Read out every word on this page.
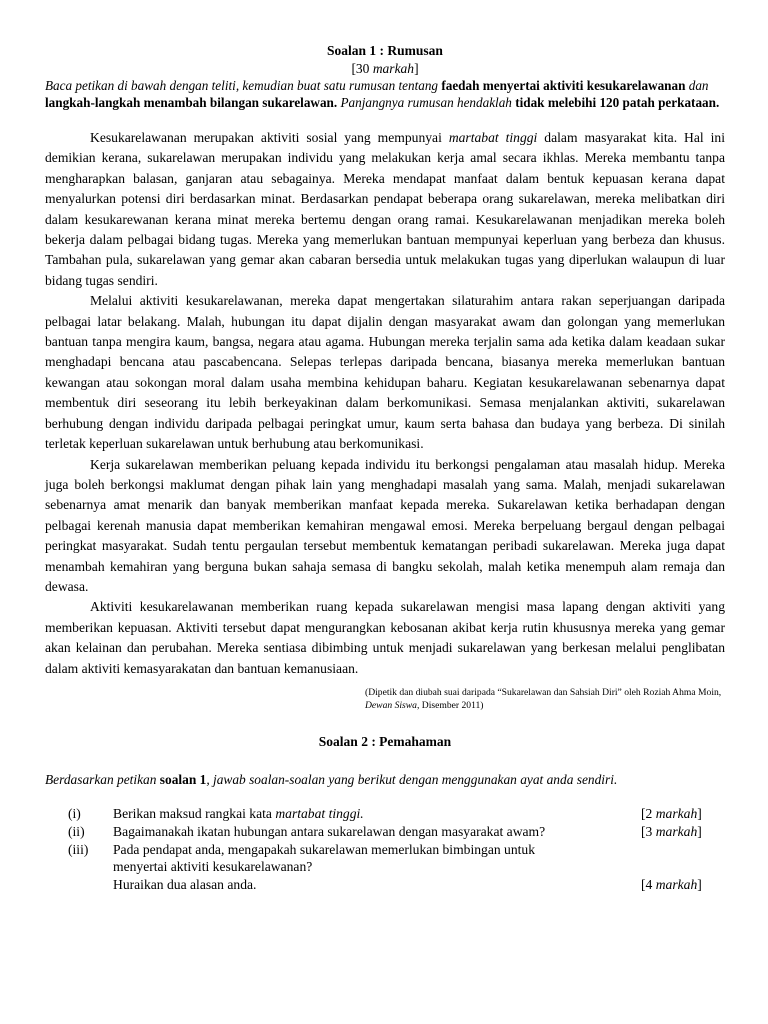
Soalan 1 : Rumusan
[30 markah]
Baca petikan di bawah dengan teliti, kemudian buat satu rumusan tentang faedah menyertai aktiviti kesukarelawanan dan langkah-langkah menambah bilangan sukarelawan. Panjangnya rumusan hendaklah tidak melebihi 120 patah perkataan.

Kesukarelawanan merupakan aktiviti sosial yang mempunyai martabat tinggi dalam masyarakat kita. Hal ini demikian kerana, sukarelawan merupakan individu yang melakukan kerja amal secara ikhlas. Mereka membantu tanpa mengharapkan balasan, ganjaran atau sebagainya. Mereka mendapat manfaat dalam bentuk kepuasan kerana dapat menyalurkan potensi diri berdasarkan minat. Berdasarkan pendapat beberapa orang sukarelawan, mereka melibatkan diri dalam kesukarewanan kerana minat mereka bertemu dengan orang ramai. Kesukarelawanan menjadikan mereka boleh bekerja dalam pelbagai bidang tugas. Mereka yang memerlukan bantuan mempunyai keperluan yang berbeza dan khusus. Tambahan pula, sukarelawan yang gemar akan cabaran bersedia untuk melakukan tugas yang diperlukan walaupun di luar bidang tugas sendiri.

Melalui aktiviti kesukarelawanan, mereka dapat mengertakan silaturahim antara rakan seperjuangan daripada pelbagai latar belakang. Malah, hubungan itu dapat dijalin dengan masyarakat awam dan golongan yang memerlukan bantuan tanpa mengira kaum, bangsa, negara atau agama. Hubungan mereka terjalin sama ada ketika dalam keadaan sukar menghadapi bencana atau pascabencana. Selepas terlepas daripada bencana, biasanya mereka memerlukan bantuan kewangan atau sokongan moral dalam usaha membina kehidupan baharu. Kegiatan kesukarelawanan sebenarnya dapat membentuk diri seseorang itu lebih berkeyakinan dalam berkomunikasi. Semasa menjalankan aktiviti, sukarelawan berhubung dengan individu daripada pelbagai peringkat umur, kaum serta bahasa dan budaya yang berbeza. Di sinilah terletak keperluan sukarelawan untuk berhubung atau berkomunikasi.

Kerja sukarelawan memberikan peluang kepada individu itu berkongsi pengalaman atau masalah hidup. Mereka juga boleh berkongsi maklumat dengan pihak lain yang menghadapi masalah yang sama. Malah, menjadi sukarelawan sebenarnya amat menarik dan banyak memberikan manfaat kepada mereka. Sukarelawan ketika berhadapan dengan pelbagai kerenah manusia dapat memberikan kemahiran mengawal emosi. Mereka berpeluang bergaul dengan pelbagai peringkat masyarakat. Sudah tentu pergaulan tersebut membentuk kematangan peribadi sukarelawan. Mereka juga dapat menambah kemahiran yang berguna bukan sahaja semasa di bangku sekolah, malah ketika menempuh alam remaja dan dewasa.

Aktiviti kesukarelawanan memberikan ruang kepada sukarelawan mengisi masa lapang dengan aktiviti yang memberikan kepuasan. Aktiviti tersebut dapat mengurangkan kebosanan akibat kerja rutin khususnya mereka yang gemar akan kelainan dan perubahan. Mereka sentiasa dibimbing untuk menjadi sukarelawan yang berkesan melalui penglibatan dalam aktiviti kemasyarakatan dan bantuan kemanusiaan.

(Dipetik dan diubah suai daripada “Sukarelawan dan Sahsiah Diri” oleh Roziah Ahma Moin, Dewan Siswa, Disember 2011)
Soalan 2 : Pemahaman
Berdasarkan petikan soalan 1, jawab soalan-soalan yang berikut dengan menggunakan ayat anda sendiri.
(i)	Berikan maksud rangkai kata martabat tinggi.	[2 markah]
(ii)	Bagaimanakah ikatan hubungan antara sukarelawan dengan masyarakat awam?	[3 markah]
(iii)	Pada pendapat anda, mengapakah sukarelawan memerlukan bimbingan untuk
menyertai aktiviti kesukarelawanan?
Huraikan dua alasan anda.	[4 markah]
